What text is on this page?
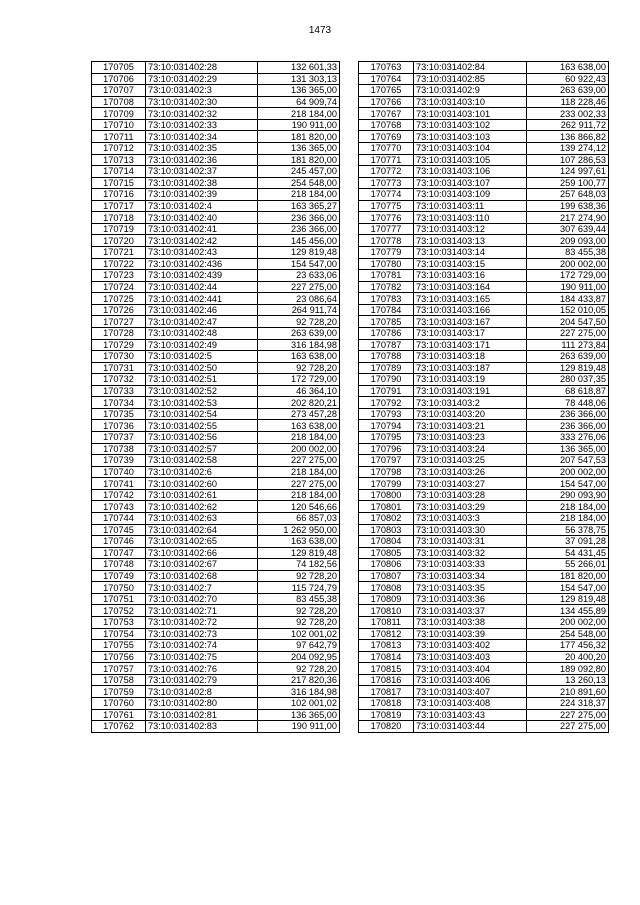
1473
170705	73:10:031402:28	132 601,33
170706	73:10:031402:29	131 303,13
170707	73:10:031402:3	136 365,00
170708	73:10:031402:30	64 909,74
170709	73:10:031402:32	218 184,00
170710	73:10:031402:33	190 911,00
170711	73:10:031402:34	181 820,00
170712	73:10:031402:35	136 365,00
170713	73:10:031402:36	181 820,00
170714	73:10:031402:37	245 457,00
170715	73:10:031402:38	254 548,00
170716	73:10:031402:39	218 184,00
170717	73:10:031402:4	163 365,27
170718	73:10:031402:40	236 366,00
170719	73:10:031402:41	236 366,00
170720	73:10:031402:42	145 456,00
170721	73:10:031402:43	129 819,48
170722	73:10:031402:436	154 547,00
170723	73:10:031402:439	23 633,06
170724	73:10:031402:44	227 275,00
170725	73:10:031402:441	23 086,64
170726	73:10:031402:46	264 911,74
170727	73:10:031402:47	92 728,20
170728	73:10:031402:48	263 639,00
170729	73:10:031402:49	316 184,98
170730	73:10:031402:5	163 638,00
170731	73:10:031402:50	92 728,20
170732	73:10:031402:51	172 729,00
170733	73:10:031402:52	46 364,10
170734	73:10:031402:53	202 820,21
170735	73:10:031402:54	273 457,28
170736	73:10:031402:55	163 638,00
170737	73:10:031402:56	218 184,00
170738	73:10:031402:57	200 002,00
170739	73:10:031402:58	227 275,00
170740	73:10:031402:6	218 184,00
170741	73:10:031402:60	227 275,00
170742	73:10:031402:61	218 184,00
170743	73:10:031402:62	120 546,66
170744	73:10:031402:63	66 857,03
170745	73:10:031402:64	1 262 950,00
170746	73:10:031402:65	163 638,00
170747	73:10:031402:66	129 819,48
170748	73:10:031402:67	74 182,56
170749	73:10:031402:68	92 728,20
170750	73:10:031402:7	115 724,79
170751	73:10:031402:70	83 455,38
170752	73:10:031402:71	92 728,20
170753	73:10:031402:72	92 728,20
170754	73:10:031402:73	102 001,02
170755	73:10:031402:74	97 642,79
170756	73:10:031402:75	204 092,95
170757	73:10:031402:76	92 728,20
170758	73:10:031402:79	217 820,36
170759	73:10:031402:8	316 184,98
170760	73:10:031402:80	102 001,02
170761	73:10:031402:81	136 365,00
170762	73:10:031402:83	190 911,00
170763	73:10:031402:84	163 638,00
170764	73:10:031402:85	60 922,43
170765	73:10:031402:9	263 639,00
170766	73:10:031403:10	118 228,46
170767	73:10:031403:101	233 002,33
170768	73:10:031403:102	262 911,72
170769	73:10:031403:103	136 866,82
170770	73:10:031403:104	139 274,12
170771	73:10:031403:105	107 286,53
170772	73:10:031403:106	124 997,61
170773	73:10:031403:107	259 100,77
170774	73:10:031403:109	257 648,03
170775	73:10:031403:11	199 638,36
170776	73:10:031403:110	217 274,90
170777	73:10:031403:12	307 639,44
170778	73:10:031403:13	209 093,00
170779	73:10:031403:14	83 455,38
170780	73:10:031403:15	200 002,00
170781	73:10:031403:16	172 729,00
170782	73:10:031403:164	190 911,00
170783	73:10:031403:165	184 433,87
170784	73:10:031403:166	152 010,05
170785	73:10:031403:167	204 547,50
170786	73:10:031403:17	227 275,00
170787	73:10:031403:171	111 273,84
170788	73:10:031403:18	263 639,00
170789	73:10:031403:187	129 819,48
170790	73:10:031403:19	280 037,35
170791	73:10:031403:191	68 618,87
170792	73:10:031403:2	78 448,06
170793	73:10:031403:20	236 366,00
170794	73:10:031403:21	236 366,00
170795	73:10:031403:23	333 276,06
170796	73:10:031403:24	136 365,00
170797	73:10:031403:25	207 547,53
170798	73:10:031403:26	200 002,00
170799	73:10:031403:27	154 547,00
170800	73:10:031403:28	290 093,90
170801	73:10:031403:29	218 184,00
170802	73:10:031403:3	218 184,00
170803	73:10:031403:30	56 378,75
170804	73:10:031403:31	37 091,28
170805	73:10:031403:32	54 431,45
170806	73:10:031403:33	55 266,01
170807	73:10:031403:34	181 820,00
170808	73:10:031403:35	154 547,00
170809	73:10:031403:36	129 819,48
170810	73:10:031403:37	134 455,89
170811	73:10:031403:38	200 002,00
170812	73:10:031403:39	254 548,00
170813	73:10:031403:402	177 456,32
170814	73:10:031403:403	20 400,20
170815	73:10:031403:404	189 092,80
170816	73:10:031403:406	13 260,13
170817	73:10:031403:407	210 891,60
170818	73:10:031403:408	224 318,37
170819	73:10:031403:43	227 275,00
170820	73:10:031403:44	227 275,00
